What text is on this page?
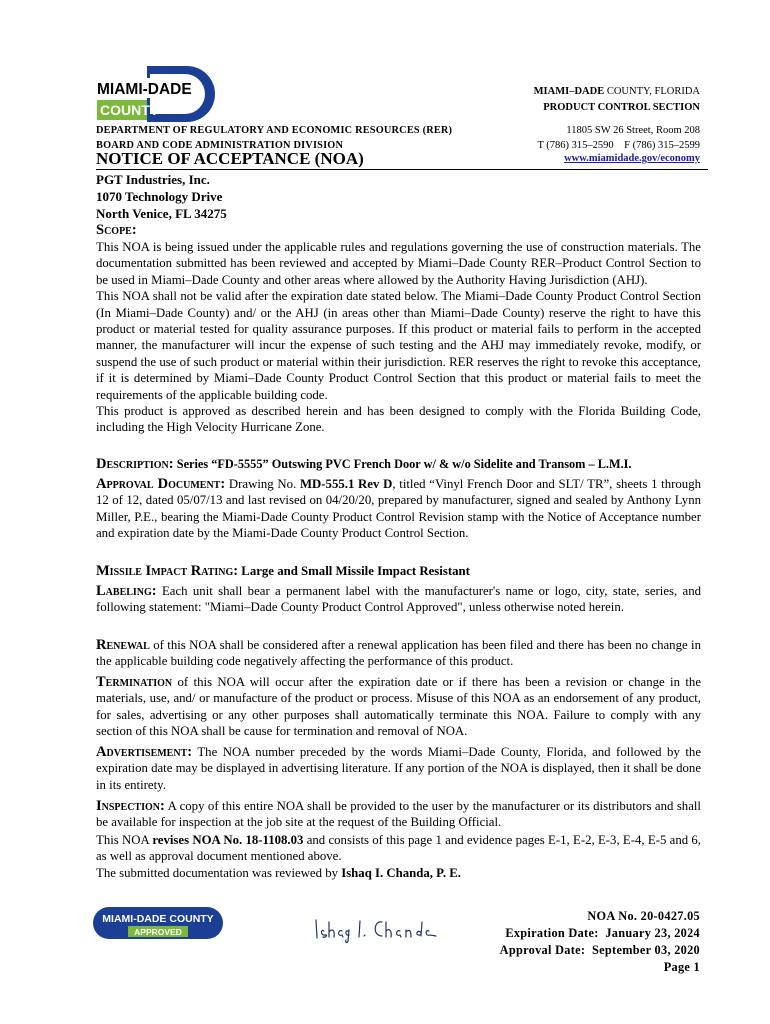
MIAMI-DADE
COUNTY
MIAMI–DADE COUNTY, FLORIDA
PRODUCT CONTROL SECTION
DEPARTMENT OF REGULATORY AND ECONOMIC RESOURCES (RER)
BOARD AND CODE ADMINISTRATION DIVISION
11805 SW 26 Street, Room 208
T (786) 315–2590    F (786) 315–2599
NOTICE OF ACCEPTANCE (NOA)	www.miamidade.gov/economy
PGT Industries, Inc.
1070 Technology Drive
North Venice, FL 34275
Scope:

This NOA is being issued under the applicable rules and regulations governing the use of construction materials. The documentation submitted has been reviewed and accepted by Miami–Dade County RER–Product Control Section to be used in Miami–Dade County and other areas where allowed by the Authority Having Jurisdiction (AHJ).

This NOA shall not be valid after the expiration date stated below. The Miami–Dade County Product Control Section (In Miami–Dade County) and/ or the AHJ (in areas other than Miami–Dade County) reserve the right to have this product or material tested for quality assurance purposes. If this product or material fails to perform in the accepted manner, the manufacturer will incur the expense of such testing and the AHJ may immediately revoke, modify, or suspend the use of such product or material within their jurisdiction. RER reserves the right to revoke this acceptance, if it is determined by Miami–Dade County Product Control Section that this product or material fails to meet the requirements of the applicable building code.

This product is approved as described herein and has been designed to comply with the Florida Building Code, including the High Velocity Hurricane Zone.

Description: Series “FD-5555” Outswing PVC French Door w/ & w/o Sidelite and Transom – L.M.I.
Approval Document: Drawing No. MD-555.1 Rev D, titled “Vinyl French Door and SLT/ TR”, sheets 1 through 12 of 12, dated 05/07/13 and last revised on 04/20/20, prepared by manufacturer, signed and sealed by Anthony Lynn Miller, P.E., bearing the Miami-Dade County Product Control Revision stamp with the Notice of Acceptance number and expiration date by the Miami-Dade County Product Control Section.
Missile Impact Rating: Large and Small Missile Impact Resistant
Labeling: Each unit shall bear a permanent label with the manufacturer's name or logo, city, state, series, and following statement: "Miami–Dade County Product Control Approved", unless otherwise noted herein.
Renewal of this NOA shall be considered after a renewal application has been filed and there has been no change in the applicable building code negatively affecting the performance of this product.
Termination of this NOA will occur after the expiration date or if there has been a revision or change in the materials, use, and/ or manufacture of the product or process. Misuse of this NOA as an endorsement of any product, for sales, advertising or any other purposes shall automatically terminate this NOA. Failure to comply with any section of this NOA shall be cause for termination and removal of NOA.
Advertisement: The NOA number preceded by the words Miami–Dade County, Florida, and followed by the expiration date may be displayed in advertising literature. If any portion of the NOA is displayed, then it shall be done in its entirety.
Inspection: A copy of this entire NOA shall be provided to the user by the manufacturer or its distributors and shall be available for inspection at the job site at the request of the Building Official.
This NOA revises NOA No. 18-1108.03 and consists of this page 1 and evidence pages E-1, E-2, E-3, E-4, E-5 and 6, as well as approval document mentioned above.
The submitted documentation was reviewed by Ishaq I. Chanda, P. E.
MIAMI-DADE COUNTY
APPROVED
NOA No. 20-0427.05
Expiration Date:  January 23, 2024
Approval Date:  September 03, 2020
Page 1
